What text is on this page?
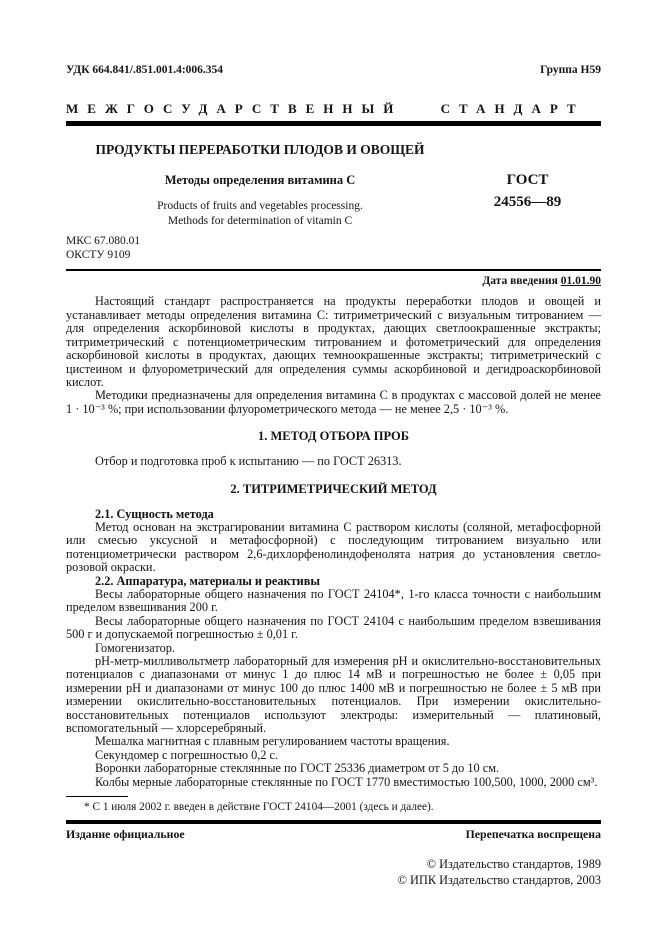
УДК 664.841/.851.001.4:006.354	Группа Н59
МЕЖГОСУДАРСТВЕННЫЙ СТАНДАРТ
ПРОДУКТЫ ПЕРЕРАБОТКИ ПЛОДОВ И ОВОЩЕЙ
Методы определения витамина С
Products of fruits and vegetables processing.
Methods for determination of vitamin C
ГОСТ
24556—89
МКС 67.080.01
ОКСТУ 9109
Дата введения 01.01.90

Настоящий стандарт распространяется на продукты переработки плодов и овощей и устанавливает методы определения витамина С: титриметрический с визуальным титрованием — для определения аскорбиновой кислоты в продуктах, дающих светлоокрашенные экстракты; титриметрический с потенциометрическим титрованием и фотометрический для определения аскорбиновой кислоты в продуктах, дающих темноокрашенные экстракты; титриметрический с цистеином и флуорометрический для определения суммы аскорбиновой и дегидроаскорбиновой кислот.

Методики предназначены для определения витамина С в продуктах с массовой долей не менее 1 · 10⁻³ %; при использовании флуорометрического метода — не менее 2,5 · 10⁻³ %.

1. МЕТОД ОТБОРА ПРОБ

Отбор и подготовка проб к испытанию — по ГОСТ 26313.

2. ТИТРИМЕТРИЧЕСКИЙ МЕТОД

2.1. Сущность метода

Метод основан на экстрагировании витамина С раствором кислоты (соляной, метафосфорной или смесью уксусной и метафосфорной) с последующим титрованием визуально или потенциометрически раствором 2,6-дихлорфенолиндофенолята натрия до установления светло-розовой окраски.

2.2. Аппаратура, материалы и реактивы

Весы лабораторные общего назначения по ГОСТ 24104*, 1-го класса точности с наибольшим пределом взвешивания 200 г.

Весы лабораторные общего назначения по ГОСТ 24104 с наибольшим пределом взвешивания 500 г и допускаемой погрешностью ± 0,01 г.

Гомогенизатор.

рН-метр-милливольтметр лабораторный для измерения рН и окислительно-восстановительных потенциалов с диапазонами от минус 1 до плюс 14 мВ и погрешностью не более ± 0,05 при измерении рН и диапазонами от минус 100 до плюс 1400 мВ и погрешностью не более ± 5 мВ при измерении окислительно-восстановительных потенциалов. При измерении окислительно-восстановительных потенциалов используют электроды: измерительный — платиновый, вспомогательный — хлорсеребряный.

Мешалка магнитная с плавным регулированием частоты вращения.

Секундомер с погрешностью 0,2 с.

Воронки лабораторные стеклянные по ГОСТ 25336 диаметром от 5 до 10 см.

Колбы мерные лабораторные стеклянные по ГОСТ 1770 вместимостью 100,500, 1000, 2000 см³.

* С 1 июля 2002 г. введен в действие ГОСТ 24104—2001 (здесь и далее).

Издание официальное	Перепечатка воспрещена
© Издательство стандартов, 1989
© ИПК Издательство стандартов, 2003
